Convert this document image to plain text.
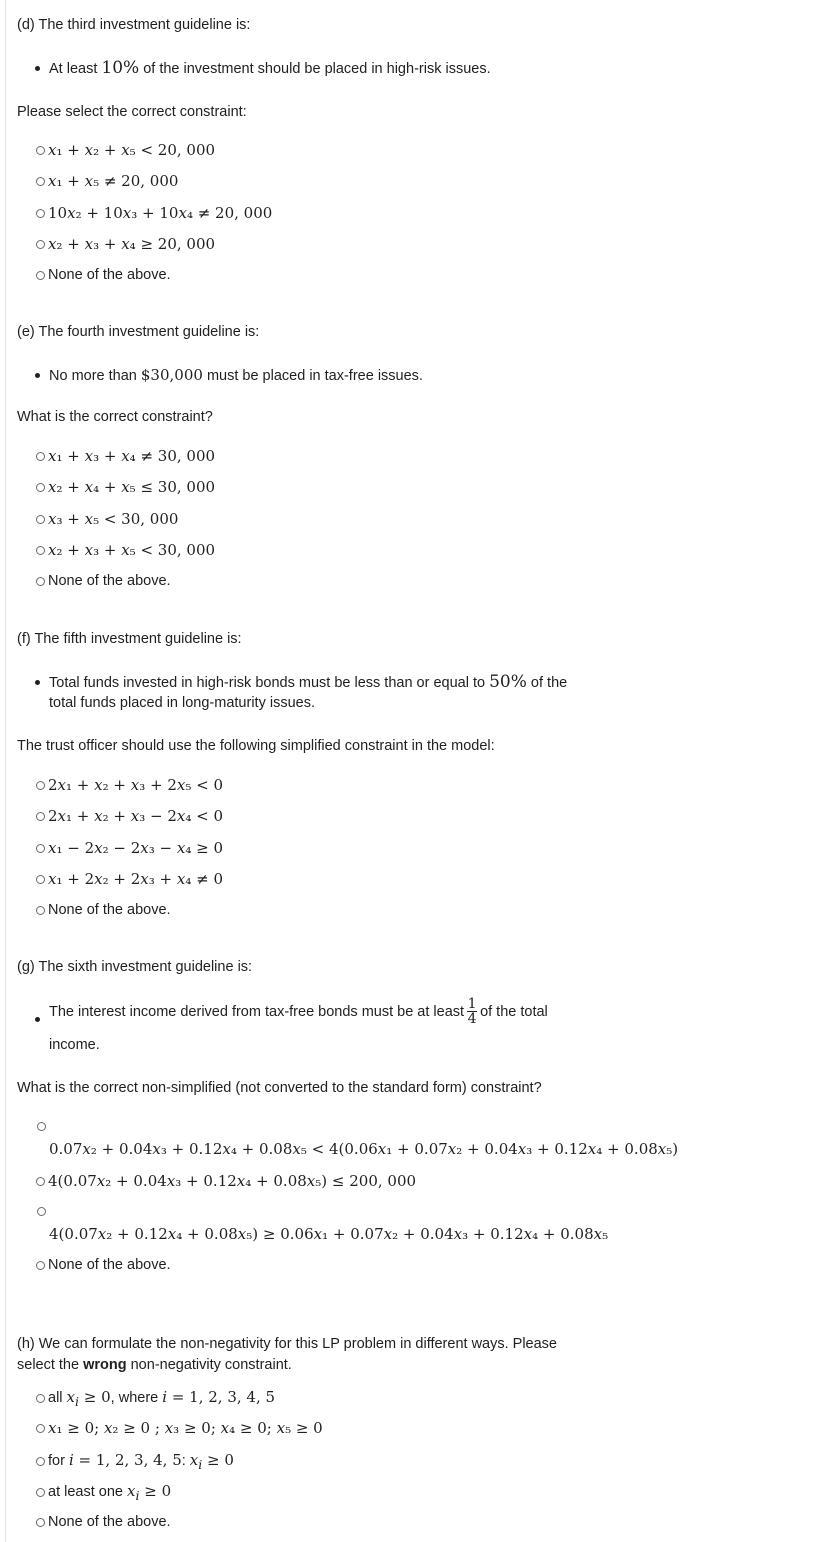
(d) The third investment guideline is:
At least 10% of the investment should be placed in high-risk issues.
Please select the correct constraint:
x₁ + x₂ + x₅ < 20, 000
x₁ + x₅ ≠ 20, 000
10x₂ + 10x₃ + 10x₄ ≠ 20, 000
x₂ + x₃ + x₄ ≥ 20, 000
None of the above.
(e) The fourth investment guideline is:
No more than $30,000 must be placed in tax-free issues.
What is the correct constraint?
x₁ + x₃ + x₄ ≠ 30, 000
x₂ + x₄ + x₅ ≤ 30, 000
x₃ + x₅ < 30, 000
x₂ + x₃ + x₅ < 30, 000
None of the above.
(f) The fifth investment guideline is:
Total funds invested in high-risk bonds must be less than or equal to 50% of the
total funds placed in long-maturity issues.
The trust officer should use the following simplified constraint in the model:
2x₁ + x₂ + x₃ + 2x₅ < 0
2x₁ + x₂ + x₃ − 2x₄ < 0
x₁ − 2x₂ − 2x₃ − x₄ ≥ 0
x₁ + 2x₂ + 2x₃ + x₄ ≠ 0
None of the above.
(g) The sixth investment guideline is:
The interest income derived from tax-free bonds must be at least $\frac{1}{4}$ of the total
income.
What is the correct non-simplified (not converted to the standard form) constraint?
0.07x₂ + 0.04x₃ + 0.12x₄ + 0.08x₅ < 4(0.06x₁ + 0.07x₂ + 0.04x₃ + 0.12x₄ + 0.08x₅)
4(0.07x₂ + 0.04x₃ + 0.12x₄ + 0.08x₅) ≤ 200, 000
4(0.07x₂ + 0.12x₄ + 0.08x₅) ≥ 0.06x₁ + 0.07x₂ + 0.04x₃ + 0.12x₄ + 0.08x₅
None of the above.
(h) We can formulate the non-negativity for this LP problem in different ways. Please
select the wrong non-negativity constraint.
all $x_i \ge 0$, where i = 1, 2, 3, 4, 5
x₁ ≥ 0; x₂ ≥ 0 ; x₃ ≥ 0; x₄ ≥ 0; x₅ ≥ 0
for i = 1, 2, 3, 4, 5: $x_i \ge 0$
at least one $x_i \ge 0$
None of the above.
